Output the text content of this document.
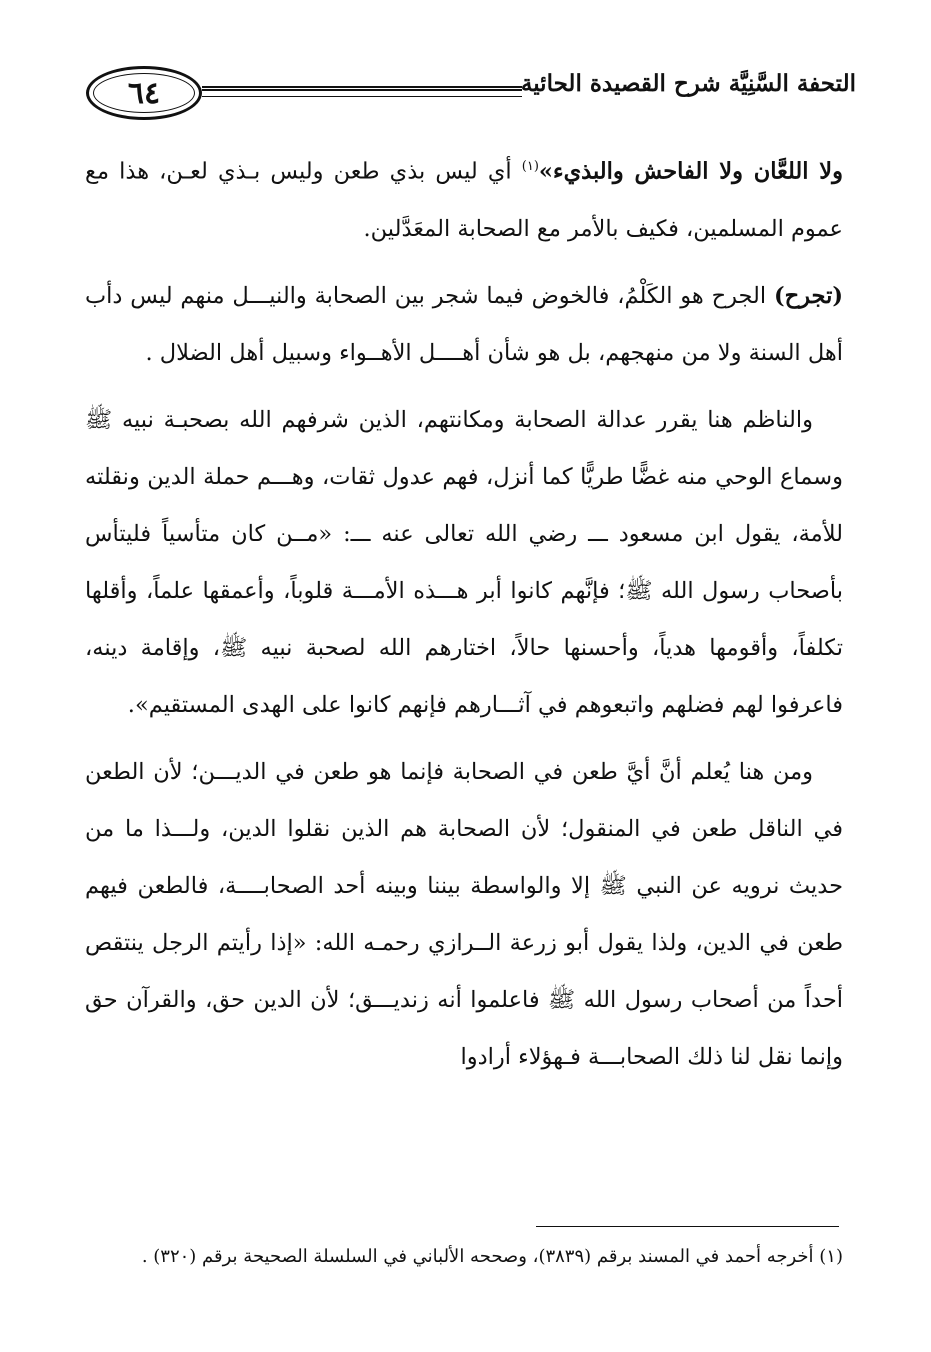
٦٤	التحفة السَّنِيَّة شرح القصيدة الحائية

ولا اللعَّان ولا الفاحش والبذيء»$^{(١)}$ أي ليس بذي طعن وليس بـذي لعـن، هذا مع عموم المسلمين، فكيف بالأمر مع الصحابة المعَدَّلين.

(تجرح) الجرح هو الكَلْمُ، فالخوض فيما شجر بين الصحابة والنيـــل منهم ليس دأب أهل السنة ولا من منهجهم، بل هو شأن أهــــل الأهــواء وسبيل أهل الضلال .

والناظم هنا يقرر عدالة الصحابة ومكانتهم، الذين شرفهم الله بصحبـة نبيه ﷺ وسماع الوحي منه غضًّا طريًّا كما أنزل، فهم عدول ثقات، وهـــم حملة الدين ونقلته للأمة، يقول ابن مسعود ـــ رضي الله تعالى عنه ـــ: «مــن كان متأسياً فليتأس بأصحاب رسول الله ﷺ؛ فإنَّهم كانوا أبر هـــذه الأمـــة قلوباً، وأعمقها علماً، وأقلها تكلفاً، وأقومها هدياً، وأحسنها حالاً، اختارهم الله لصحبة نبيه ﷺ، وإقامة دينه، فاعرفوا لهم فضلهم واتبعوهم في آثـــارهم فإنهم كانوا على الهدى المستقيم».

ومن هنا يُعلم أنَّ أيَّ طعن في الصحابة فإنما هو طعن في الديـــن؛ لأن الطعن في الناقل طعن في المنقول؛ لأن الصحابة هم الذين نقلوا الدين، ولـــذا ما من حديث نرويه عن النبي ﷺ إلا والواسطة بيننا وبينه أحد الصحابــــة، فالطعن فيهم طعن في الدين، ولذا يقول أبو زرعة الــرازي رحمـه الله: «إذا رأيتم الرجل ينتقص أحداً من أصحاب رسول الله ﷺ فاعلموا أنه زنديـــق؛ لأن الدين حق، والقرآن حق وإنما نقل لنا ذلك الصحابـــة فـهؤلاء أرادوا

(١) أخرجه أحمد في المسند برقم (٣٨٣٩)، وصححه الألباني في السلسلة الصحيحة برقم (٣٢٠) .
